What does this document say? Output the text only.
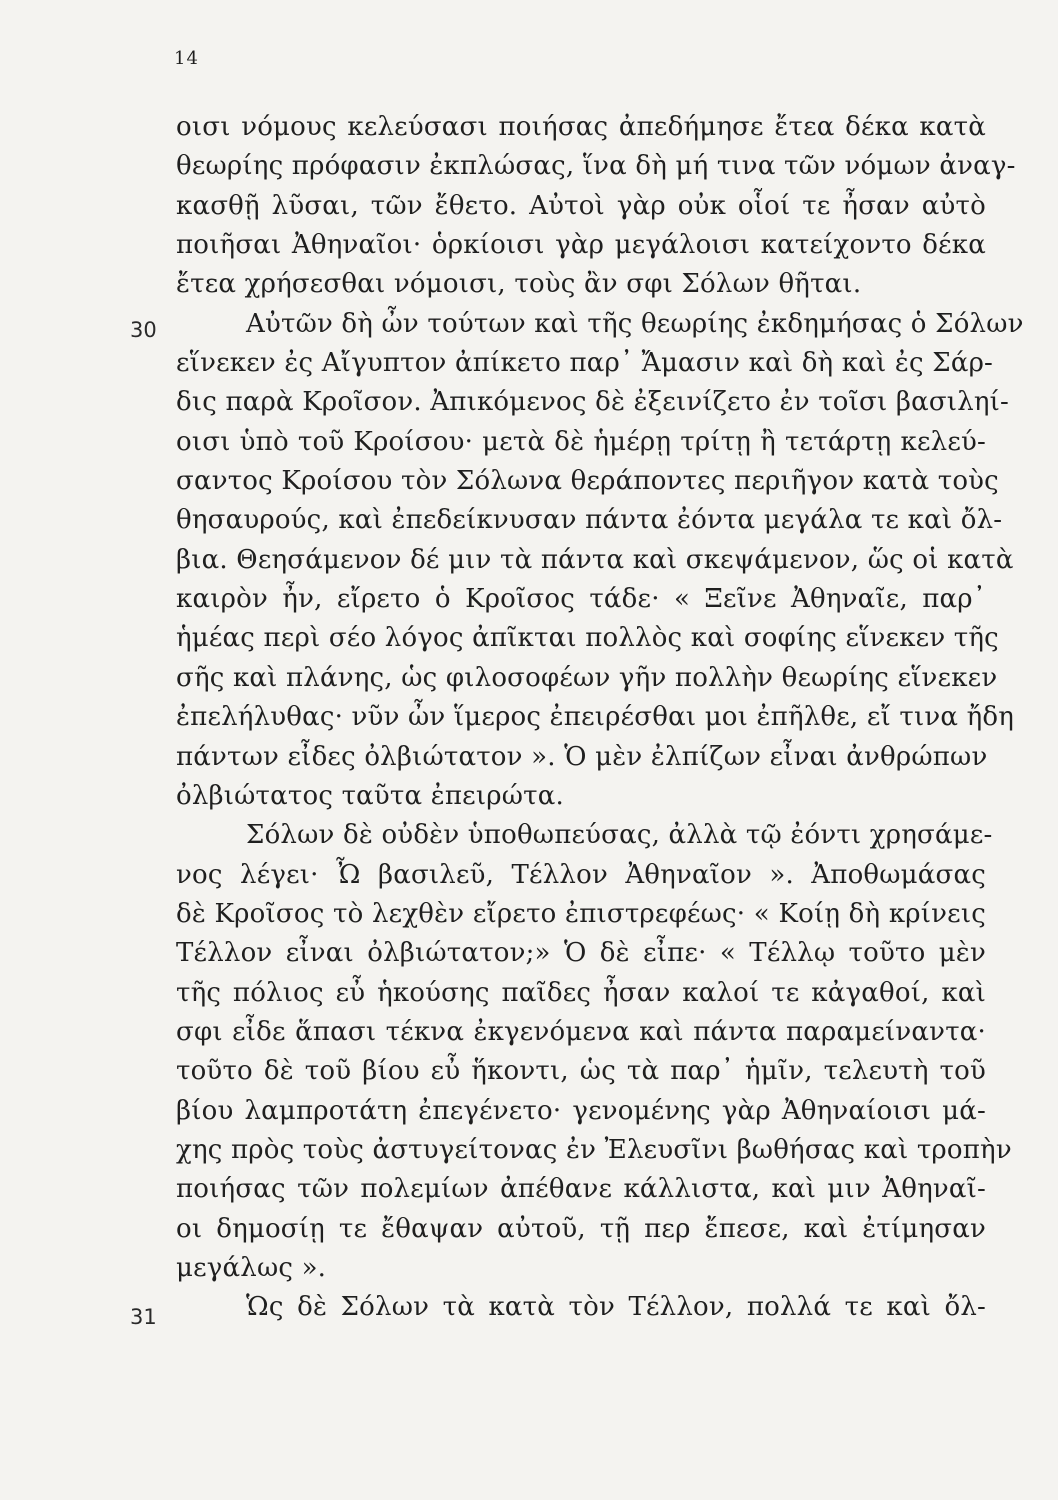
14
30
31
οισι νόμους κελεύσασι ποιήσας ἀπεδήμησε ἔτεα δέκα κατὰ
θεωρίης πρόφασιν ἐκπλώσας, ἵνα δὴ μή τινα τῶν νόμων ἀναγ-
κασθῇ λῦσαι, τῶν ἔθετο. Αὐτοὶ γὰρ οὐκ οἷοί τε ἦσαν αὐτὸ
ποιῆσαι Ἀθηναῖοι· ὁρκίοισι γὰρ μεγάλοισι κατείχοντο δέκα
ἔτεα χρήσεσθαι νόμοισι, τοὺς ἂν σφι Σόλων θῆται.
Αὐτῶν δὴ ὦν τούτων καὶ τῆς θεωρίης ἐκδημήσας ὁ Σόλων
εἵνεκεν ἐς Αἴγυπτον ἀπίκετο παρ᾽ Ἄμασιν καὶ δὴ καὶ ἐς Σάρ-
δις παρὰ Κροῖσον. Ἀπικόμενος δὲ ἐξεινίζετο ἐν τοῖσι βασιληί-
οισι ὑπὸ τοῦ Κροίσου· μετὰ δὲ ἡμέρῃ τρίτῃ ἢ τετάρτῃ κελεύ-
σαντος Κροίσου τὸν Σόλωνα θεράποντες περιῆγον κατὰ τοὺς
θησαυρούς, καὶ ἐπεδείκνυσαν πάντα ἐόντα μεγάλα τε καὶ ὄλ-
βια. Θεησάμενον δέ μιν τὰ πάντα καὶ σκεψάμενον, ὥς οἱ κατὰ
καιρὸν ἦν, εἴρετο ὁ Κροῖσος τάδε· « Ξεῖνε Ἀθηναῖε, παρ᾽
ἡμέας περὶ σέο λόγος ἀπῖκται πολλὸς καὶ σοφίης εἵνεκεν τῆς
σῆς καὶ πλάνης, ὡς φιλοσοφέων γῆν πολλὴν θεωρίης εἵνεκεν
ἐπελήλυθας· νῦν ὦν ἵμερος ἐπειρέσθαι μοι ἐπῆλθε, εἴ τινα ἤδη
πάντων εἶδες ὀλβιώτατον ». Ὁ μὲν ἐλπίζων εἶναι ἀνθρώπων
ὀλβιώτατος ταῦτα ἐπειρώτα.
Σόλων δὲ οὐδὲν ὑποθωπεύσας, ἀλλὰ τῷ ἐόντι χρησάμε-
νος λέγει· Ὦ βασιλεῦ, Τέλλον Ἀθηναῖον ». Ἀποθωμάσας
δὲ Κροῖσος τὸ λεχθὲν εἴρετο ἐπιστρεφέως· « Κοίῃ δὴ κρίνεις
Τέλλον εἶναι ὀλβιώτατον;» Ὁ δὲ εἶπε· « Τέλλῳ τοῦτο μὲν
τῆς πόλιος εὖ ἡκούσης παῖδες ἦσαν καλοί τε κἀγαθοί, καὶ
σφι εἶδε ἅπασι τέκνα ἐκγενόμενα καὶ πάντα παραμείναντα·
τοῦτο δὲ τοῦ βίου εὖ ἥκοντι, ὡς τὰ παρ᾽ ἡμῖν, τελευτὴ τοῦ
βίου λαμπροτάτη ἐπεγένετο· γενομένης γὰρ Ἀθηναίοισι μά-
χης πρὸς τοὺς ἀστυγείτονας ἐν Ἐλευσῖνι βωθήσας καὶ τροπὴν
ποιήσας τῶν πολεμίων ἀπέθανε κάλλιστα, καὶ μιν Ἀθηναῖ-
οι δημοσίῃ τε ἔθαψαν αὐτοῦ, τῇ περ ἔπεσε, καὶ ἐτίμησαν
μεγάλως ».
Ὡς δὲ Σόλων τὰ κατὰ τὸν Τέλλον, πολλά τε καὶ ὄλ-
